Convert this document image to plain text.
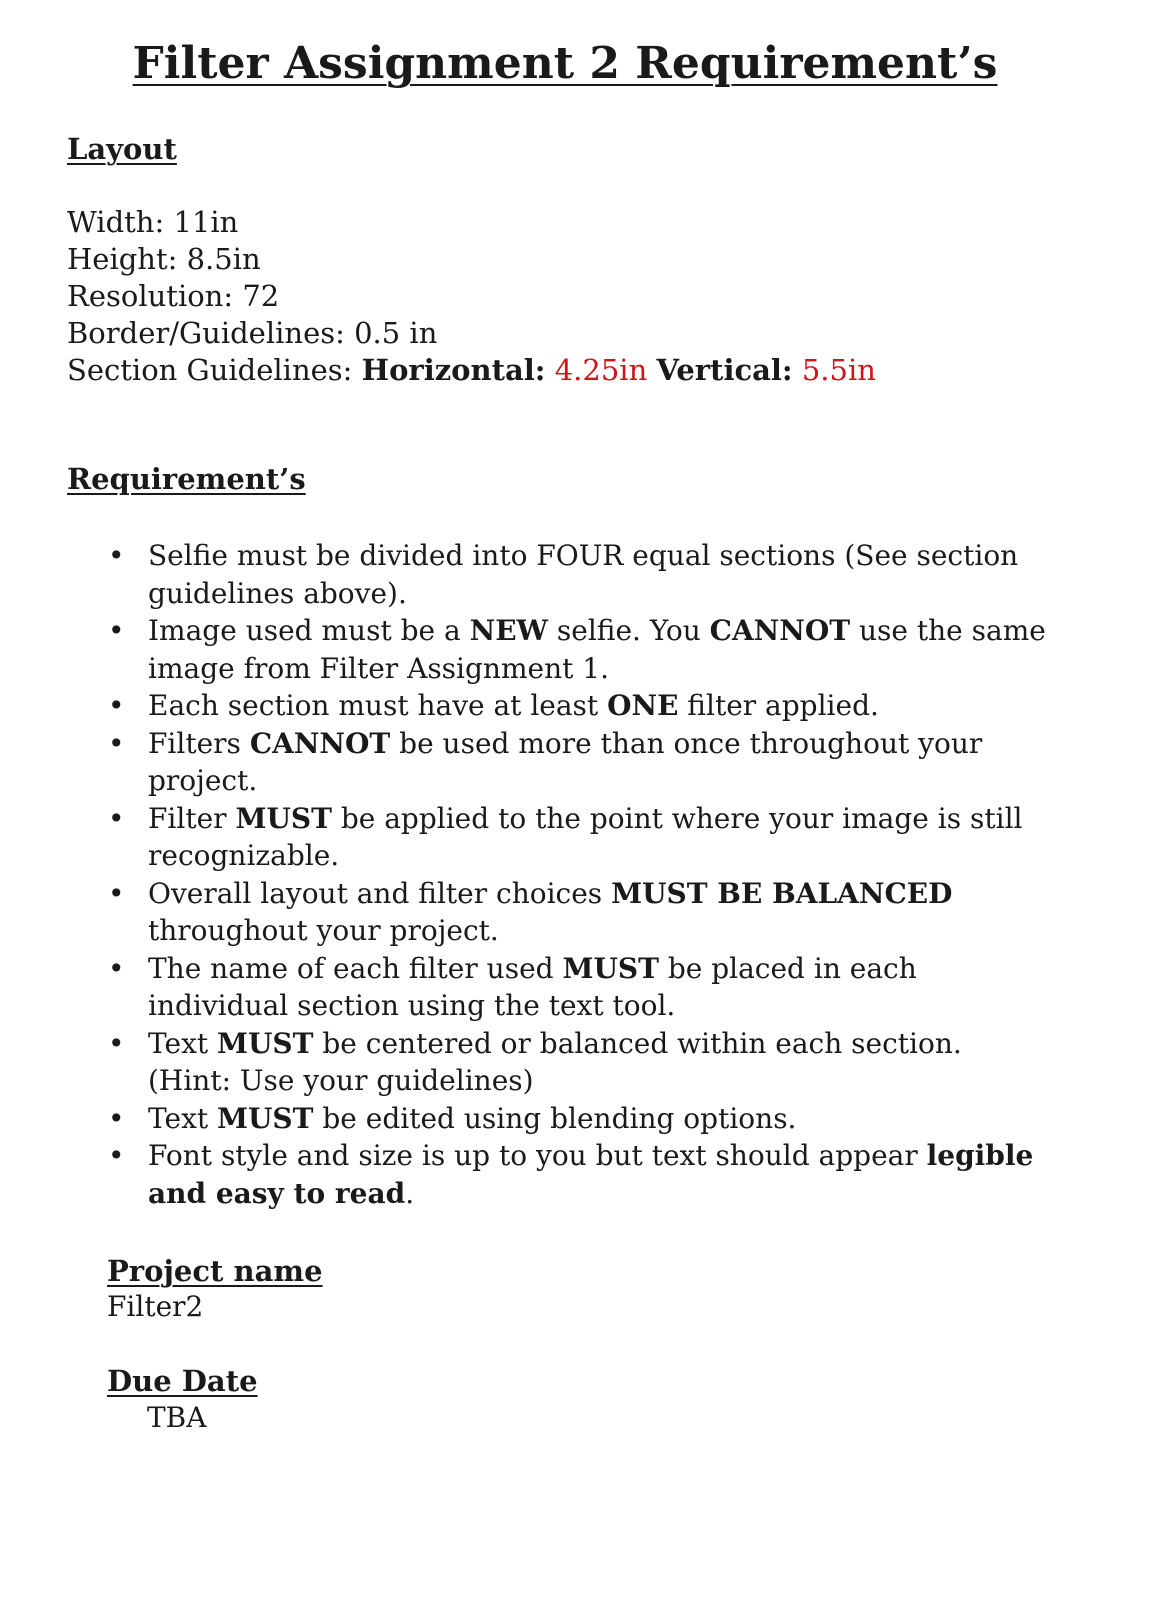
Filter Assignment 2 Requirement’s
Layout
Width: 11in
Height: 8.5in
Resolution: 72
Border/Guidelines: 0.5 in
Section Guidelines: Horizontal: 4.25in Vertical: 5.5in
Requirement’s
• Selfie must be divided into FOUR equal sections (See section guidelines above).
• Image used must be a NEW selfie. You CANNOT use the same image from Filter Assignment 1.
• Each section must have at least ONE filter applied.
• Filters CANNOT be used more than once throughout your project.
• Filter MUST be applied to the point where your image is still recognizable.
• Overall layout and filter choices MUST BE BALANCED throughout your project.
• The name of each filter used MUST be placed in each individual section using the text tool.
• Text MUST be centered or balanced within each section. (Hint: Use your guidelines)
• Text MUST be edited using blending options.
• Font style and size is up to you but text should appear legible and easy to read.
Project name
Filter2
Due Date
TBA
